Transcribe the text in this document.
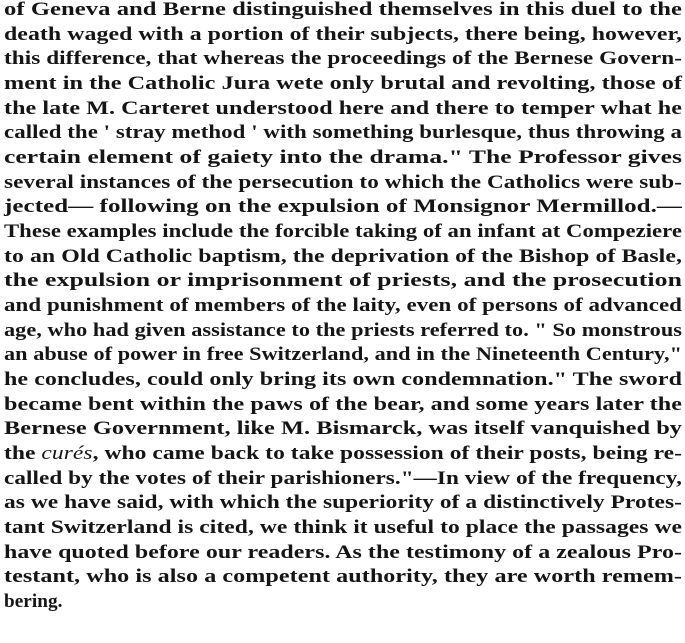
of Geneva and Berne distinguished themselves in this duel to the
death waged with a portion of their subjects, there being, however,
this difference, that whereas the proceedings of the Bernese Govern-
ment in the Catholic Jura wete only brutal and revolting, those of
the late M. Carteret understood here and there to temper what he
called the ' stray method ' with something burlesque, thus throwing a
certain element of gaiety into the drama." The Professor gives
several instances of the persecution to which the Catholics were sub-
jected— following on the expulsion of Monsignor Mermillod.—
These examples include the forcible taking of an infant at Compeziere
to an Old Catholic baptism, the deprivation of the Bishop of Basle,
the expulsion or imprisonment of priests, and the prosecution
and punishment of members of the laity, even of persons of advanced
age, who had given assistance to the priests referred to. " So monstrous
an abuse of power in free Switzerland, and in the Nineteenth Century,"
he concludes, could only bring its own condemnation." The sword
became bent within the paws of the bear, and some years later the
Bernese Government, like M. Bismarck, was itself vanquished by
the curés, who came back to take possession of their posts, being re-
called by the votes of their parishioners."—In view of the frequency,
as we have said, with which the superiority of a distinctively Protes-
tant Switzerland is cited, we think it useful to place the passages we
have quoted before our readers. As the testimony of a zealous Pro-
testant, who is also a competent authority, they are worth remem-
bering.
